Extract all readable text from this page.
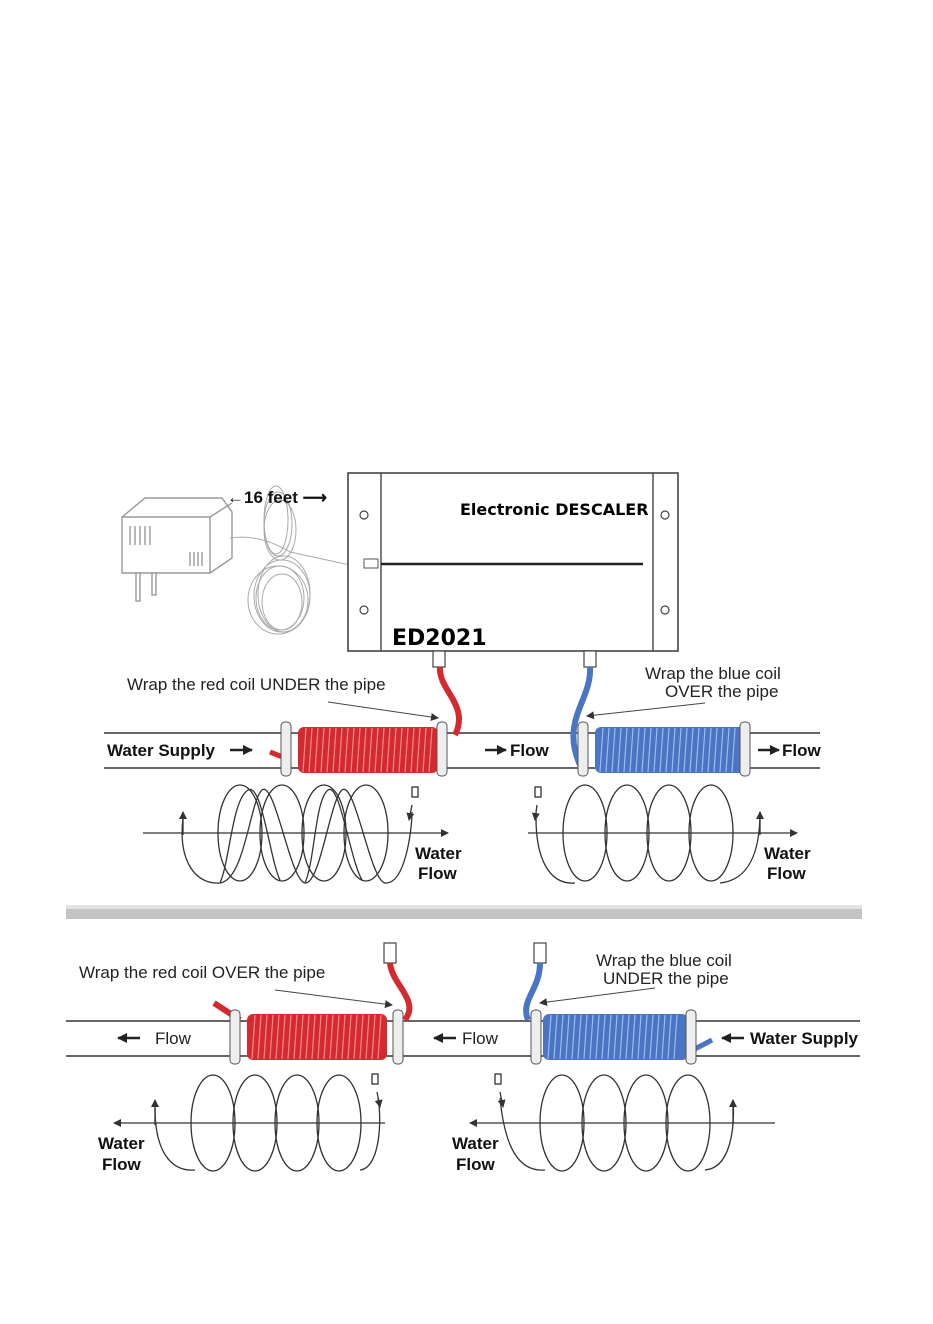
←16 feet ⟶
Electronic DESCALER
ED2021
Wrap the red coil UNDER the pipe
Wrap the blue coil
OVER the pipe
Water Supply	Flow	Flow
Water
Flow
Water
Flow
Wrap the red coil OVER the pipe
Wrap the blue coil
UNDER the pipe
Flow	Flow	Water Supply
Water
Flow
Water
Flow
